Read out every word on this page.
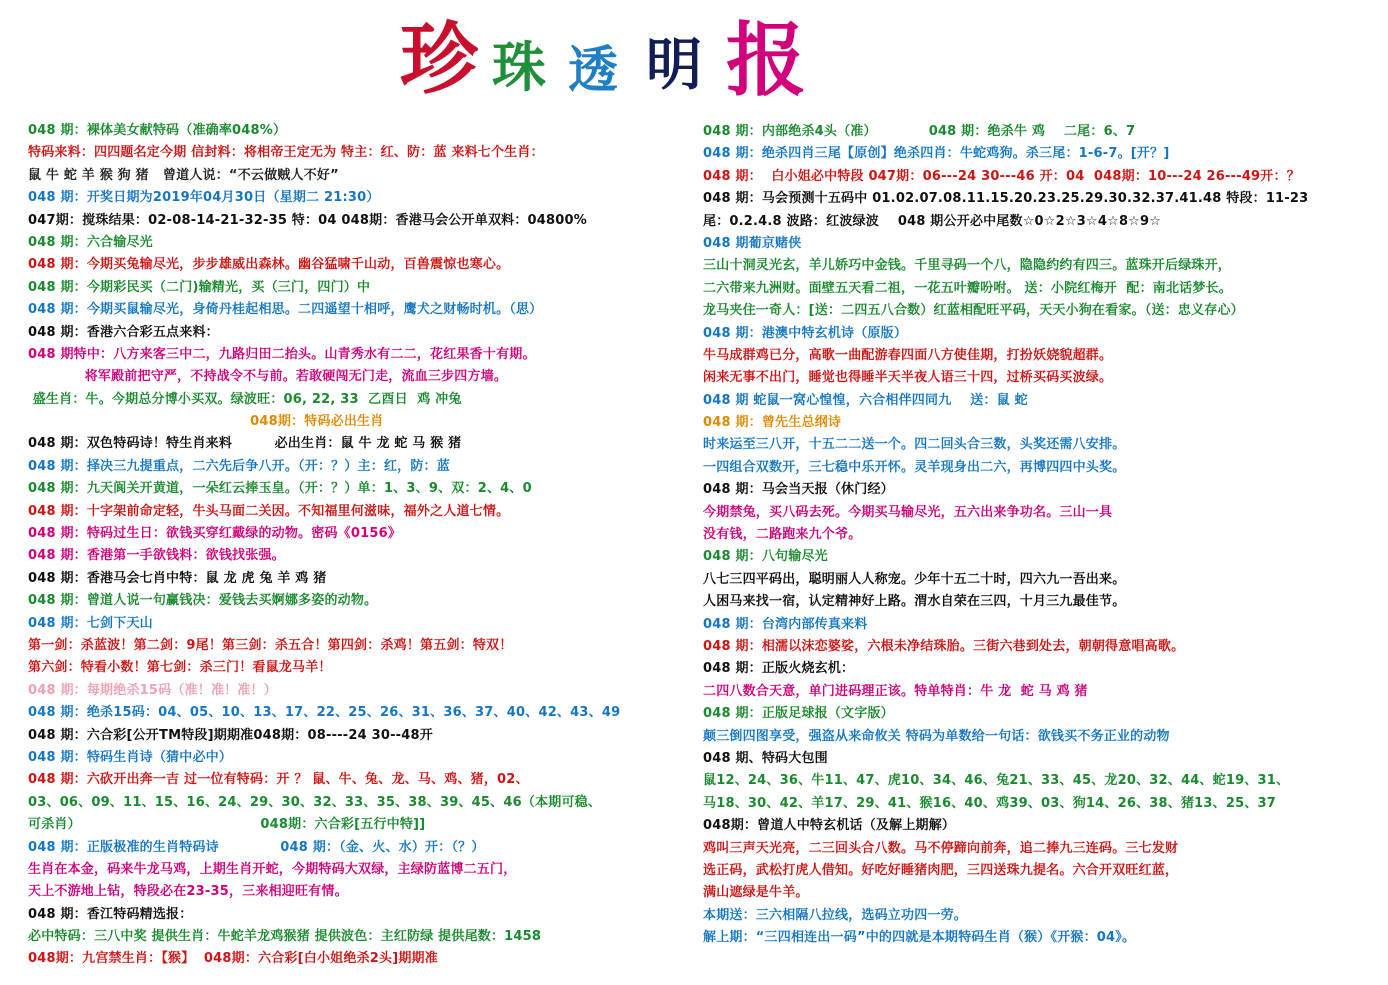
珍 珠 透 明 报
048 期：裸体美女献特码（准确率048%）
特码来料：四四题名定今期 信封料：将相帝王定无为 特主：红、防：蓝 来料七个生肖：
鼠 牛 蛇 羊 猴 狗 猪   曾道人说：“不云做贼人不好”
048 期：开奖日期为2019年04月30日（星期二 21:30）
047期：搅珠结果：02-08-14-21-32-35 特：04 048期：香港马会公开单双料：04800%
048 期：六合输尽光
048 期：今期买兔输尽光，步步雄威出森林。幽谷猛啸千山动，百兽震惊也寒心。
048 期：今期彩民买（二门)输精光，买（三门，四门）中
048 期：今期买鼠输尽光，身倚丹桂起相思。二四遥望十相呼，鹰犬之财畅时机。（思）
048 期：香港六合彩五点来料：
048 期特中：八方来客三中二，九路归田二抬头。山青秀水有二二，花红果香十有期。
将军殿前把守严，不持战令不与前。若敢硬闯无门走，流血三步四方墙。
盛生肖：牛。今期总分博小买双。绿波旺：06, 22, 33  乙酉日  鸡 冲兔
048期：特码必出生肖
048 期：双色特码诗！特生肖来料         必出生肖：鼠 牛 龙 蛇 马 猴 猪
048 期：择决三九提重点，二六先后争八开。（开：？）主：红，防：蓝
048 期：九天阆关开黄道，一朵红云捧玉皇。（开：？）单：1、3、9、双：2、4、0
048 期：十字架前命定轻，牛头马面二关因。不知福里何滋味，福外之人道七情。
048 期：特码过生日：欲钱买穿红戴绿的动物。密码《0156》
048 期：香港第一手欲钱料：欲钱找张强。
048 期：香港马会七肖中特：鼠 龙 虎 兔 羊 鸡 猪
048 期：曾道人说一句赢钱决：爱钱去买婀娜多姿的动物。
048 期：七剑下天山
第一剑：杀蓝波！第二剑：9尾！第三剑：杀五合！第四剑：杀鸡！第五剑：特双！
第六剑：特看小数！第七剑：杀三门！看鼠龙马羊！
048 期：每期绝杀15码（准！准！准！）
048 期：绝杀15码：04、05、10、13、17、22、25、26、31、36、37、40、42、43、49
048 期：六合彩[公开TM特段]期期准048期：08----24 30--48开
048 期：特码生肖诗（猜中必中）
048 期：六砍开出奔一吉 过一位有特码：开 ？ 鼠、牛、兔、龙、马、鸡、猪，02、
03、06、09、11、15、16、24、29、30、32、33、35、38、39、45、46（本期可稳、
可杀肖）                                      048期：六合彩[五行中特]]
048 期：正版极准的生肖特码诗             048 期：（金、火、水）开：（？）
生肖在本金，码来牛龙马鸡，上期生肖开蛇，今期特码大双绿，主绿防蓝博二五门，
天上不游地上钻，特段必在23-35，三来相迎旺有情。
048 期：香江特码精选报：
必中特码：三八中奖 提供生肖：牛蛇羊龙鸡猴猪 提供波色：主红防绿 提供尾数：1458
048期：九宫禁生肖：【猴】  048期：六合彩[白小姐绝杀2头]期期准
048 期：内部绝杀4头（准）           048 期：绝杀牛 鸡    二尾：6、7
048 期：绝杀四肖三尾【原创】绝杀四肖：牛蛇鸡狗。杀三尾：1-6-7。[开？]
048 期：  白小姐必中特段 047期：06---24 30---46 开：04  048期：10---24 26---49开：？
048 期：马会预测十五码中 01.02.07.08.11.15.20.23.25.29.30.32.37.41.48 特段：11-23
尾：0.2.4.8 波路：红波绿波    048 期公开必中尾数☆0☆2☆3☆4☆8☆9☆
048 期葡京赌侠
三山十洞灵光玄，羊儿娇巧中金钱。千里寻码一个八，隐隐约约有四三。蓝珠开后绿珠开，
二六带来九洲财。面壁五天看二祖，一花五叶瓣吩咐。 送：小院红梅开  配：南北话梦长。
龙马夹住一奇人：[送：二四五八合数）红蓝相配旺平码，天天小狗在看家。（送：忠义存心）
048 期：港澳中特玄机诗（原版）
牛马成群鸡已分，高歌一曲配游春四面八方使佳期，打扮妖娆貌超群。
闲来无事不出门，睡觉也得睡半天半夜人语三十四，过桥买码买波绿。
048 期 蛇鼠一窝心惶惶，六合相伴四同九    送：鼠 蛇
048 期：曾先生总纲诗
时来运至三八开，十五二二送一个。四二回头合三数，头奖还需八安排。
一四组合双数开，三七稳中乐开怀。灵羊现身出二六，再博四四中头奖。
048 期：马会当天报（休门经）
今期禁兔，买八码去死。今期买马输尽光，五六出来争功名。三山一具
没有钱，二路跑来九个爷。
048 期：八句输尽光
八七三四平码出，聪明丽人人称宠。少年十五二十时，四六九一吾出来。
人困马来找一宿，认定精神好上路。渭水自荣在三四，十月三九最佳节。
048 期：台湾内部传真来料
048 期：相濡以沫恋婆娑，六根未净结珠胎。三街六巷到处去，朝朝得意唱高歌。
048 期：正版火烧玄机：
二四八数合天意，单门进码理正该。特单特肖：牛 龙  蛇 马 鸡 猪
048 期：正版足球报（文字版）
颠三倒四图享受，强盗从来命攸关 特码为单数给一句话：欲钱买不务正业的动物
048 期、特码大包围
鼠12、24、36、牛11、47、虎10、34、46、兔21、33、45、龙20、32、44、蛇19、31、
马18、30、42、羊17、29、41、猴16、40、鸡39、03、狗14、26、38、猪13、25、37
048期：曾道人中特玄机话（及解上期解）
鸡叫三声天光亮，二三回头合八数。马不停蹄向前奔，追二捧九三连码。三七发财
选正码，武松打虎人借知。好吃好睡猪肉肥，三四送珠九提名。六合开双旺红蓝，
满山遮绿是牛羊。
本期送：三六相隔八拉线，选码立功四一劳。
解上期：“三四相连出一码”中的四就是本期特码生肖（猴）《开猴：04》。
